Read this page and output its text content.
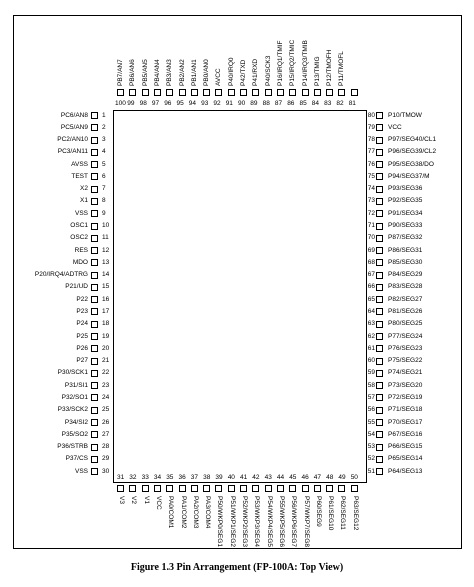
1
PC6/AN8
2
PC5/AN9
3
PC2/AN10
4
PC3/AN11
5
AVSS
6
TEST
7
X2
8
X1
9
VSS
10
OSC1
11
OSC2
12
RES
13
MDO
14
P20/IRQ4/ADTRG
15
P21/UD
16
P22
17
P23
18
P24
19
P25
20
P26
21
P27
22
P30/SCK1
23
P31/SI1
24
P32/SO1
25
P33/SCK2
26
P34/SI2
27
P35/SO2
28
P36/STRB
29
P37/CS
30
VSS
80 P10/TMOW
79 VCC
78 P97/SEG40/CL1
77 P96/SEG39/CL2
76 P95/SEG38/DO
75 P94/SEG37/M
74 P93/SEG36
73 P92/SEG35
72 P91/SEG34
71 P90/SEG33
70 P87/SEG32
69 P86/SEG31
68 P85/SEG30
67 P84/SEG29
66 P83/SEG28
65 P82/SEG27
64 P81/SEG26
63 P80/SEG25
62 P77/SEG24
61 P76/SEG23
60 P75/SEG22
59 P74/SEG21
58 P73/SEG20
57 P72/SEG19
56 P71/SEG18
55 P70/SEG17
54 P67/SEG16
53 P66/SEG15
52 P65/SEG14
51 P64/SEG13
100
PB7/AN7
99
PB6/AN6
98
PB5/AN5
97
PB4/AN4
96
PB3/AN3
95
PB2/AN2
94
PB1/AN1
93
PB0/AN0
92
AVCC
91
P40/IRQ0
90
P42/TXD
89
P41/RXD
88
P40/SCK3
87
P16/IRQ1/TMIF
86
P15/IRQ2/TMIC
85
P14/IRQ3/TMIB
84
P13/TMIG
83
P12/TMOFH
82
P11/TMOFL
81
31
V3
32
V2
33
V1
34
VCC
35
PA0/COM1
36
PA1/COM2
37
PA2/COM3
38
PA3/COM4
39
P50/WKP0/SEG1
40
P51/WKP1/SEG2
41
P52/WKP2/SEG3
42
P53/WKP3/SEG4
43
P54/WKP4/SEG5
44
P55/WKP5/SEG6
45
P56/WKP6/SEG7
46
P57/WKP7/SEG8
47
P60/SEG9
48
P61/SEG10
49
P62/SEG11
50
P63/SEG12
Figure 1.3 Pin Arrangement (FP-100A: Top View)
